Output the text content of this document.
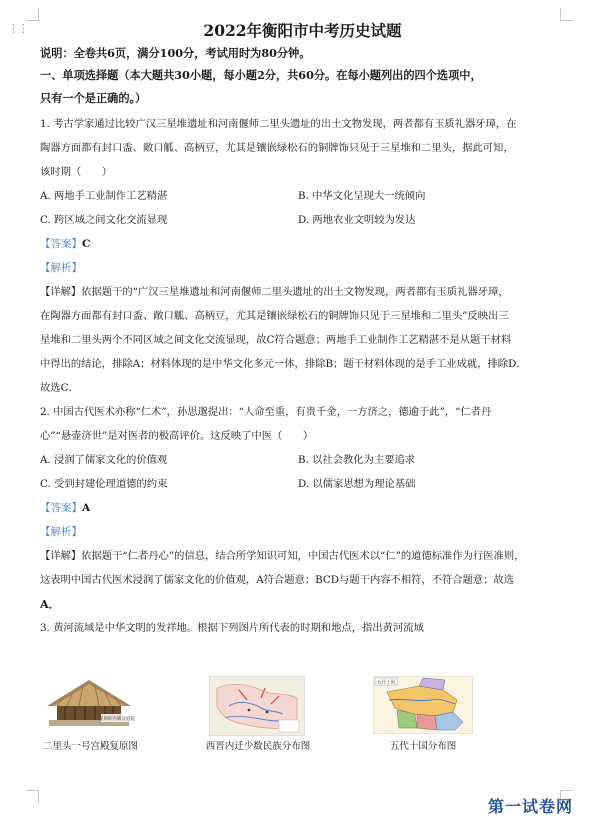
⋮⋮	2022年衡阳市中考历史试题

说明：全卷共6页，满分100分，考试用时为80分钟。

一、单项选择题（本大题共30小题，每小题2分，共60分。在每小题列出的四个选项中，

只有一个是正确的。）

1. 考古学家通过比较广汉三星堆遗址和河南偃师二里头遗址的出土文物发现，两者都有玉质礼器牙璋，在

陶器方面都有封口盉、敞口觚、高柄豆，尤其是镶嵌绿松石的铜牌饰只见于三星堆和二里头，据此可知，

该时期（　　）

A. 两地手工业制作工艺精湛	B. 中华文化呈现大一统倾向
C. 跨区域之间文化交流显现	D. 两地农业文明较为发达

【答案】C

【解析】

【详解】依据题干的“广汉三星堆遗址和河南偃师二里头遗址的出土文物发现，两者都有玉质礼器牙璋，

在陶器方面都有封口盉、敞口觚、高柄豆，尤其是镶嵌绿松石的铜牌饰只见于三星堆和二里头”反映出三

星堆和二里头两个不同区域之间文化交流显现，故C符合题意；两地手工业制作工艺精湛不是从题干材料

中得出的结论，排除A；材料体现的是中华文化多元一体，排除B；题干材料体现的是手工业成就，排除D．

故选C．

2. 中国古代医术亦称“仁术”，孙思邈提出：“人命至重，有贵千金，一方济之，德逾于此”，“仁者丹

心”“悬壶济世”是对医者的极高评价。这反映了中医（　　）

A. 浸润了儒家文化的价值观	B. 以社会教化为主要追求
C. 受到封建伦理道德的约束	D. 以儒家思想为理论基础

【答案】A

【解析】

【详解】依据题干“仁者丹心”的信息，结合所学知识可知，中国古代医术以“仁”的道德标准作为行医准则，

这表明中国古代医术浸润了儒家文化的价值观，A符合题意；BCD与题干内容不相符，不符合题意；故选

A．

3. 黄河流域是中华文明的发祥地。根据下列图片所代表的时期和地点，指出黄河流域

复原的宫殿及庭院
二里头一号宫殿复原图	西晋内迁少数民族分布图
五代十国
五代十国分布图
第一试卷网
